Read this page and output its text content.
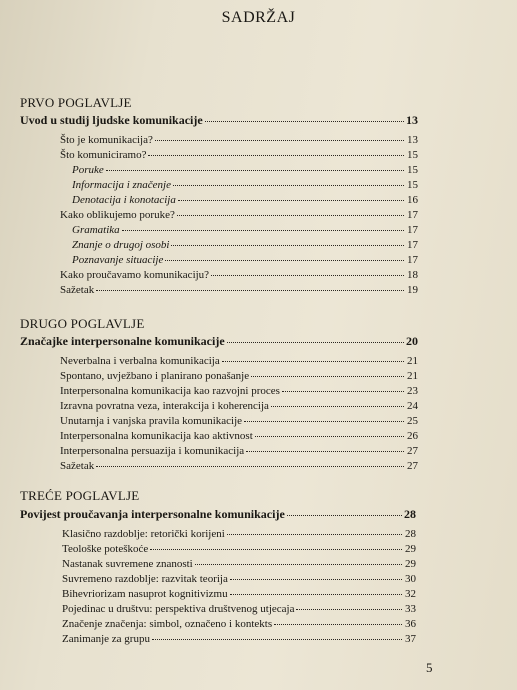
SADRŽAJ
PRVO POGLAVLJE
Uvod u studij ljudske komunikacije	13
Što je komunikacija?	13
Što komuniciramo?	15
Poruke	15
Informacija i značenje	15
Denotacija i konotacija	16
Kako oblikujemo poruke?	17
Gramatika	17
Znanje o drugoj osobi	17
Poznavanje situacije	17
Kako proučavamo komunikaciju?	18
Sažetak	19
DRUGO POGLAVLJE
Značajke interpersonalne komunikacije	20
Neverbalna i verbalna komunikacija	21
Spontano, uvježbano i planirano ponašanje	21
Interpersonalna komunikacija kao razvojni proces	23
Izravna povratna veza, interakcija i koherencija	24
Unutarnja i vanjska pravila komunikacije	25
Interpersonalna komunikacija kao aktivnost	26
Interpersonalna persuazija i komunikacija	27
Sažetak	27
TREĆE POGLAVLJE
Povijest proučavanja interpersonalne komunikacije	28
Klasično razdoblje: retorički korijeni	28
Teološke poteškoće	29
Nastanak suvremene znanosti	29
Suvremeno razdoblje: razvitak teorija	30
Bihevriorizam nasuprot kognitivizmu	32
Pojedinac u društvu: perspektiva društvenog utjecaja	33
Značenje značenja: simbol, označeno i kontekts	36
Zanimanje za grupu	37
5
